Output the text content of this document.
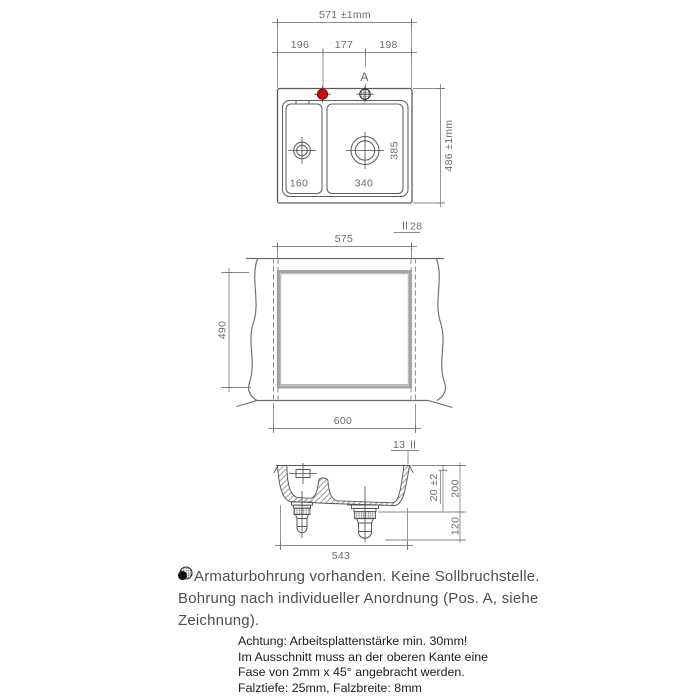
571 ±1mm
196 177 198
A
160	340
385	486 ±1mm
28
575
490
600
13
543
20 ±2 200
120
Armaturbohrung vorhanden. Keine Sollbruchstelle.
Bohrung nach individueller Anordnung (
Pos. A, siehe
Zeichnung).
Achtung: Arbeitsplattenstärke min. 30mm!
Im Ausschnitt muss an der oberen Kante eine
Fase von 2mm x 45° angebracht werden.
Falztiefe: 25mm, Falzbreite: 8mm
